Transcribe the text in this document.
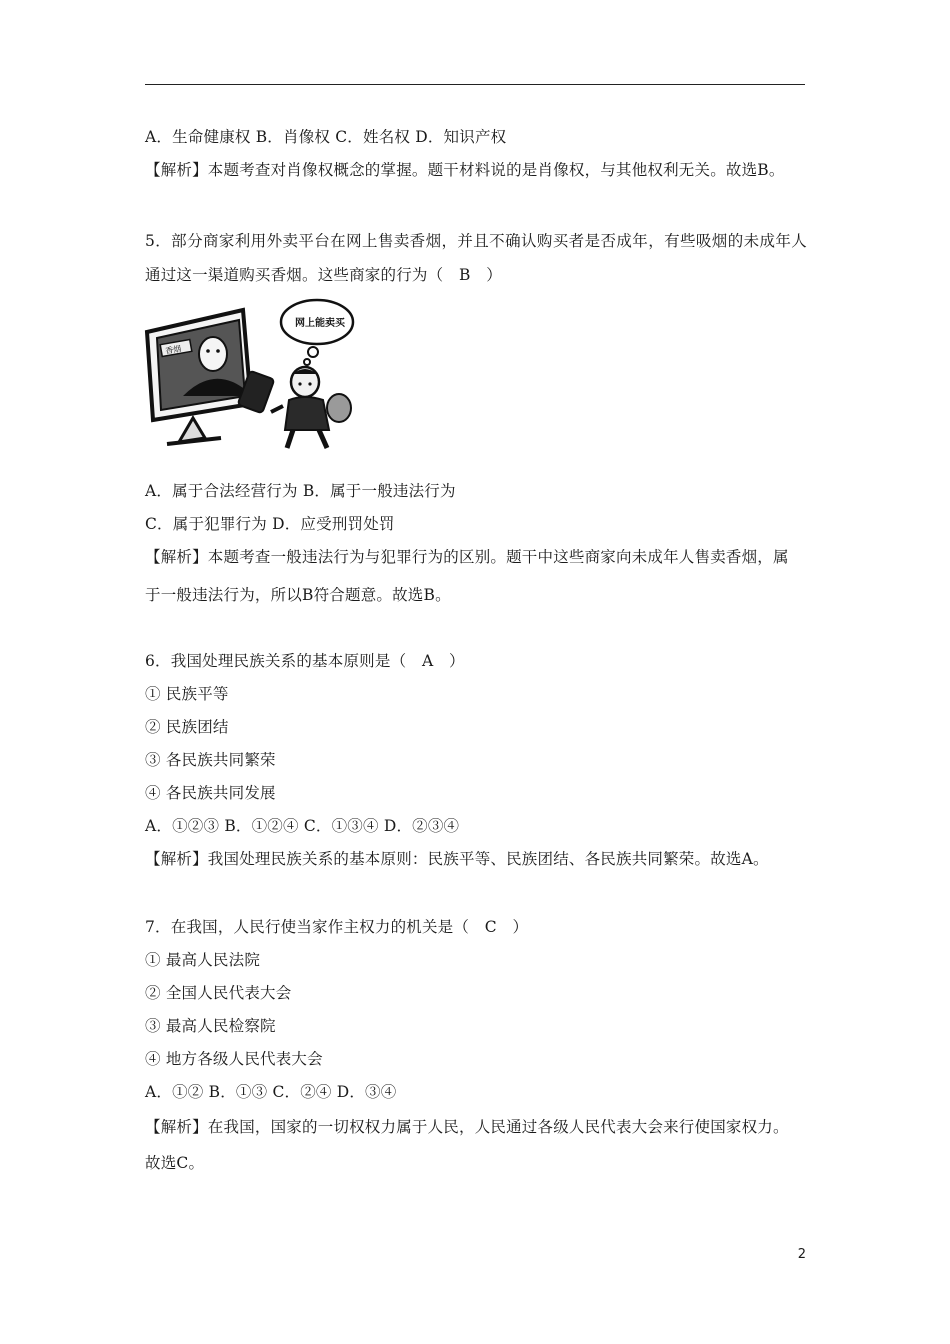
A．生命健康权 B．肖像权 C．姓名权 D．知识产权
【解析】本题考查对肖像权概念的掌握。题干材料说的是肖像权，与其他权利无关。故选B。
5．部分商家利用外卖平台在网上售卖香烟，并且不确认购买者是否成年，有些吸烟的未成年人通过这一渠道购买香烟。这些商家的行为（　B　）
香烟
网上能卖买
A．属于合法经营行为 B．属于一般违法行为
C．属于犯罪行为 D．应受刑罚处罚
【解析】本题考查一般违法行为与犯罪行为的区别。题干中这些商家向未成年人售卖香烟，属
于一般违法行为，所以B符合题意。故选B。
6．我国处理民族关系的基本原则是（　A　）
① 民族平等
② 民族团结
③ 各民族共同繁荣
④ 各民族共同发展
A．①②③ B．①②④ C．①③④ D．②③④
【解析】我国处理民族关系的基本原则：民族平等、民族团结、各民族共同繁荣。故选A。
7．在我国，人民行使当家作主权力的机关是（　C　）
① 最高人民法院
② 全国人民代表大会
③ 最高人民检察院
④ 地方各级人民代表大会
A．①② B．①③ C．②④ D．③④
【解析】在我国，国家的一切权权力属于人民，人民通过各级人民代表大会来行使国家权力。
故选C。
2
